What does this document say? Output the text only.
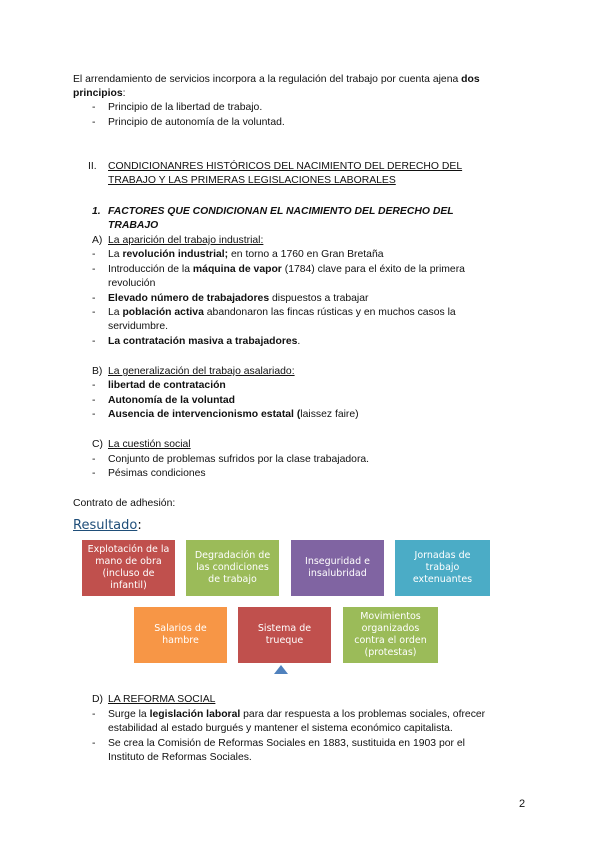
El arrendamiento de servicios incorpora a la regulación del trabajo por cuenta ajena dos
principios:
- Principio de la libertad de trabajo.
- Principio de autonomía de la voluntad.
II. CONDICIONANRES HISTÓRICOS DEL NACIMIENTO DEL DERECHO DEL
TRABAJO Y LAS PRIMERAS LEGISLACIONES LABORALES
1. FACTORES QUE CONDICIONAN EL NACIMIENTO DEL DERECHO DEL
TRABAJO
A) La aparición del trabajo industrial:
- La revolución industrial; en torno a 1760 en Gran Bretaña
- Introducción de la máquina de vapor (1784) clave para el éxito de la primera
revolución
- Elevado número de trabajadores dispuestos a trabajar
- La población activa abandonaron las fincas rústicas y en muchos casos la
servidumbre.
- La contratación masiva a trabajadores.
B) La generalización del trabajo asalariado:
- libertad de contratación
- Autonomía de la voluntad
- Ausencia de intervencionismo estatal (laissez faire)
C) La cuestión social
- Conjunto de problemas sufridos por la clase trabajadora.
- Pésimas condiciones
Contrato de adhesión:
Resultado:
Explotación de la mano de obra (incluso de infantil)
Degradación de las condiciones de trabajo
Inseguridad e insalubridad
Jornadas de trabajo extenuantes
Salarios de hambre
Sistema de trueque
Movimientos organizados contra el orden (protestas)
D) LA REFORMA SOCIAL
- Surge la legislación laboral para dar respuesta a los problemas sociales, ofrecer
estabilidad al estado burgués y mantener el sistema económico capitalista.
- Se crea la Comisión de Reformas Sociales en 1883, sustituida en 1903 por el
Instituto de Reformas Sociales.
2
